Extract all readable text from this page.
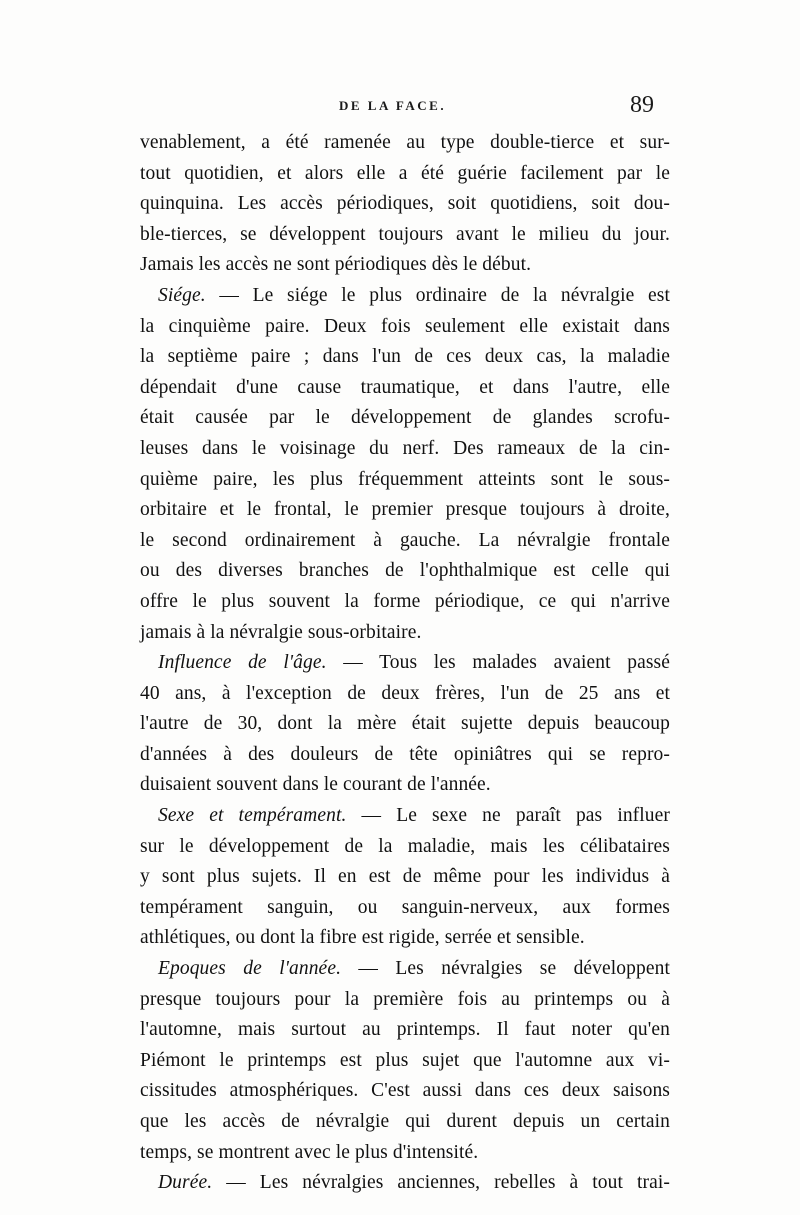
DE LA FACE.	89
venablement, a été ramenée au type double-tierce et sur-
tout quotidien, et alors elle a été guérie facilement par le
quinquina. Les accès périodiques, soit quotidiens, soit dou-
ble-tierces, se développent toujours avant le milieu du jour.
Jamais les accès ne sont périodiques dès le début.
Siége. — Le siége le plus ordinaire de la névralgie est
la cinquième paire. Deux fois seulement elle existait dans
la septième paire ; dans l'un de ces deux cas, la maladie
dépendait d'une cause traumatique, et dans l'autre, elle
était causée par le développement de glandes scrofu-
leuses dans le voisinage du nerf. Des rameaux de la cin-
quième paire, les plus fréquemment atteints sont le sous-
orbitaire et le frontal, le premier presque toujours à droite,
le second ordinairement à gauche. La névralgie frontale
ou des diverses branches de l'ophthalmique est celle qui
offre le plus souvent la forme périodique, ce qui n'arrive
jamais à la névralgie sous-orbitaire.
Influence de l'âge. — Tous les malades avaient passé
40 ans, à l'exception de deux frères, l'un de 25 ans et
l'autre de 30, dont la mère était sujette depuis beaucoup
d'années à des douleurs de tête opiniâtres qui se repro-
duisaient souvent dans le courant de l'année.
Sexe et tempérament. — Le sexe ne paraît pas influer
sur le développement de la maladie, mais les célibataires
y sont plus sujets. Il en est de même pour les individus à
tempérament sanguin, ou sanguin-nerveux, aux formes
athlétiques, ou dont la fibre est rigide, serrée et sensible.
Epoques de l'année. — Les névralgies se développent
presque toujours pour la première fois au printemps ou à
l'automne, mais surtout au printemps. Il faut noter qu'en
Piémont le printemps est plus sujet que l'automne aux vi-
cissitudes atmosphériques. C'est aussi dans ces deux saisons
que les accès de névralgie qui durent depuis un certain
temps, se montrent avec le plus d'intensité.
Durée. — Les névralgies anciennes, rebelles à tout trai-
